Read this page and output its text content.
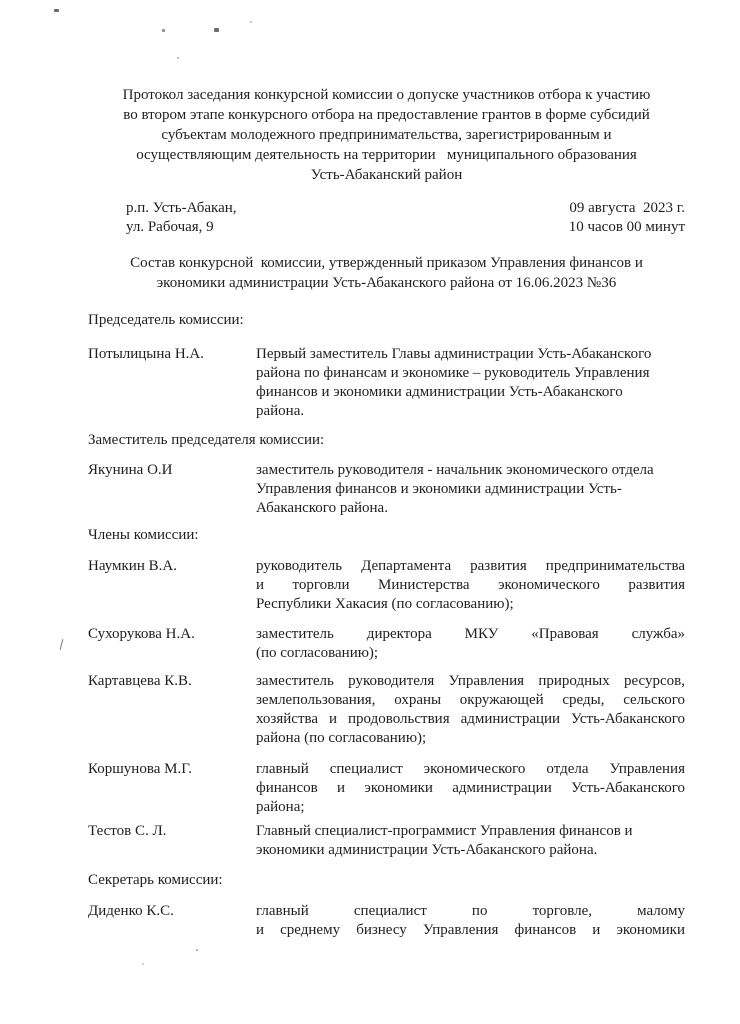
Протокол заседания конкурсной комиссии о допуске участников отбора к участию
во втором этапе конкурсного отбора на предоставление грантов в форме субсидий
субъектам молодежного предпринимательства, зарегистрированным и
осуществляющим деятельность на территории   муниципального образования
Усть-Абаканский район
р.п. Усть-Абакан,
ул. Рабочая, 9
09 августа  2023 г.
10 часов 00 минут
Состав конкурсной  комиссии, утвержденный приказом Управления финансов и
экономики администрации Усть-Абаканского района от 16.06.2023 №36
Председатель комиссии:
Потылицына Н.А.	Первый заместитель Главы администрации Усть-Абаканского
района по финансам и экономике – руководитель Управления
финансов и экономики администрации Усть-Абаканского
района.
Заместитель председателя комиссии:
Якунина О.И	заместитель руководителя - начальник экономического отдела
Управления финансов и экономики администрации Усть-
Абаканского района.
Члены комиссии:
Наумкин В.А.	руководитель Департамента развития предпринимательства
и торговли Министерства экономического развития
Республики Хакасия (по согласованию);
Сухорукова Н.А.	заместитель директора МКУ «Правовая служба»
(по согласованию);
Картавцева К.В.	заместитель руководителя Управления природных ресурсов,
землепользования, охраны окружающей среды, сельского
хозяйства и продовольствия администрации Усть-Абаканского
района (по согласованию);
Коршунова М.Г.	главный специалист экономического отдела Управления
финансов и экономики администрации Усть-Абаканского
района;
Тестов С. Л.	Главный специалист-программист Управления финансов и
экономики администрации Усть-Абаканского района.
Секретарь комиссии:
Диденко К.С.	главный специалист по торговле, малому
и среднему бизнесу Управления финансов и экономики
